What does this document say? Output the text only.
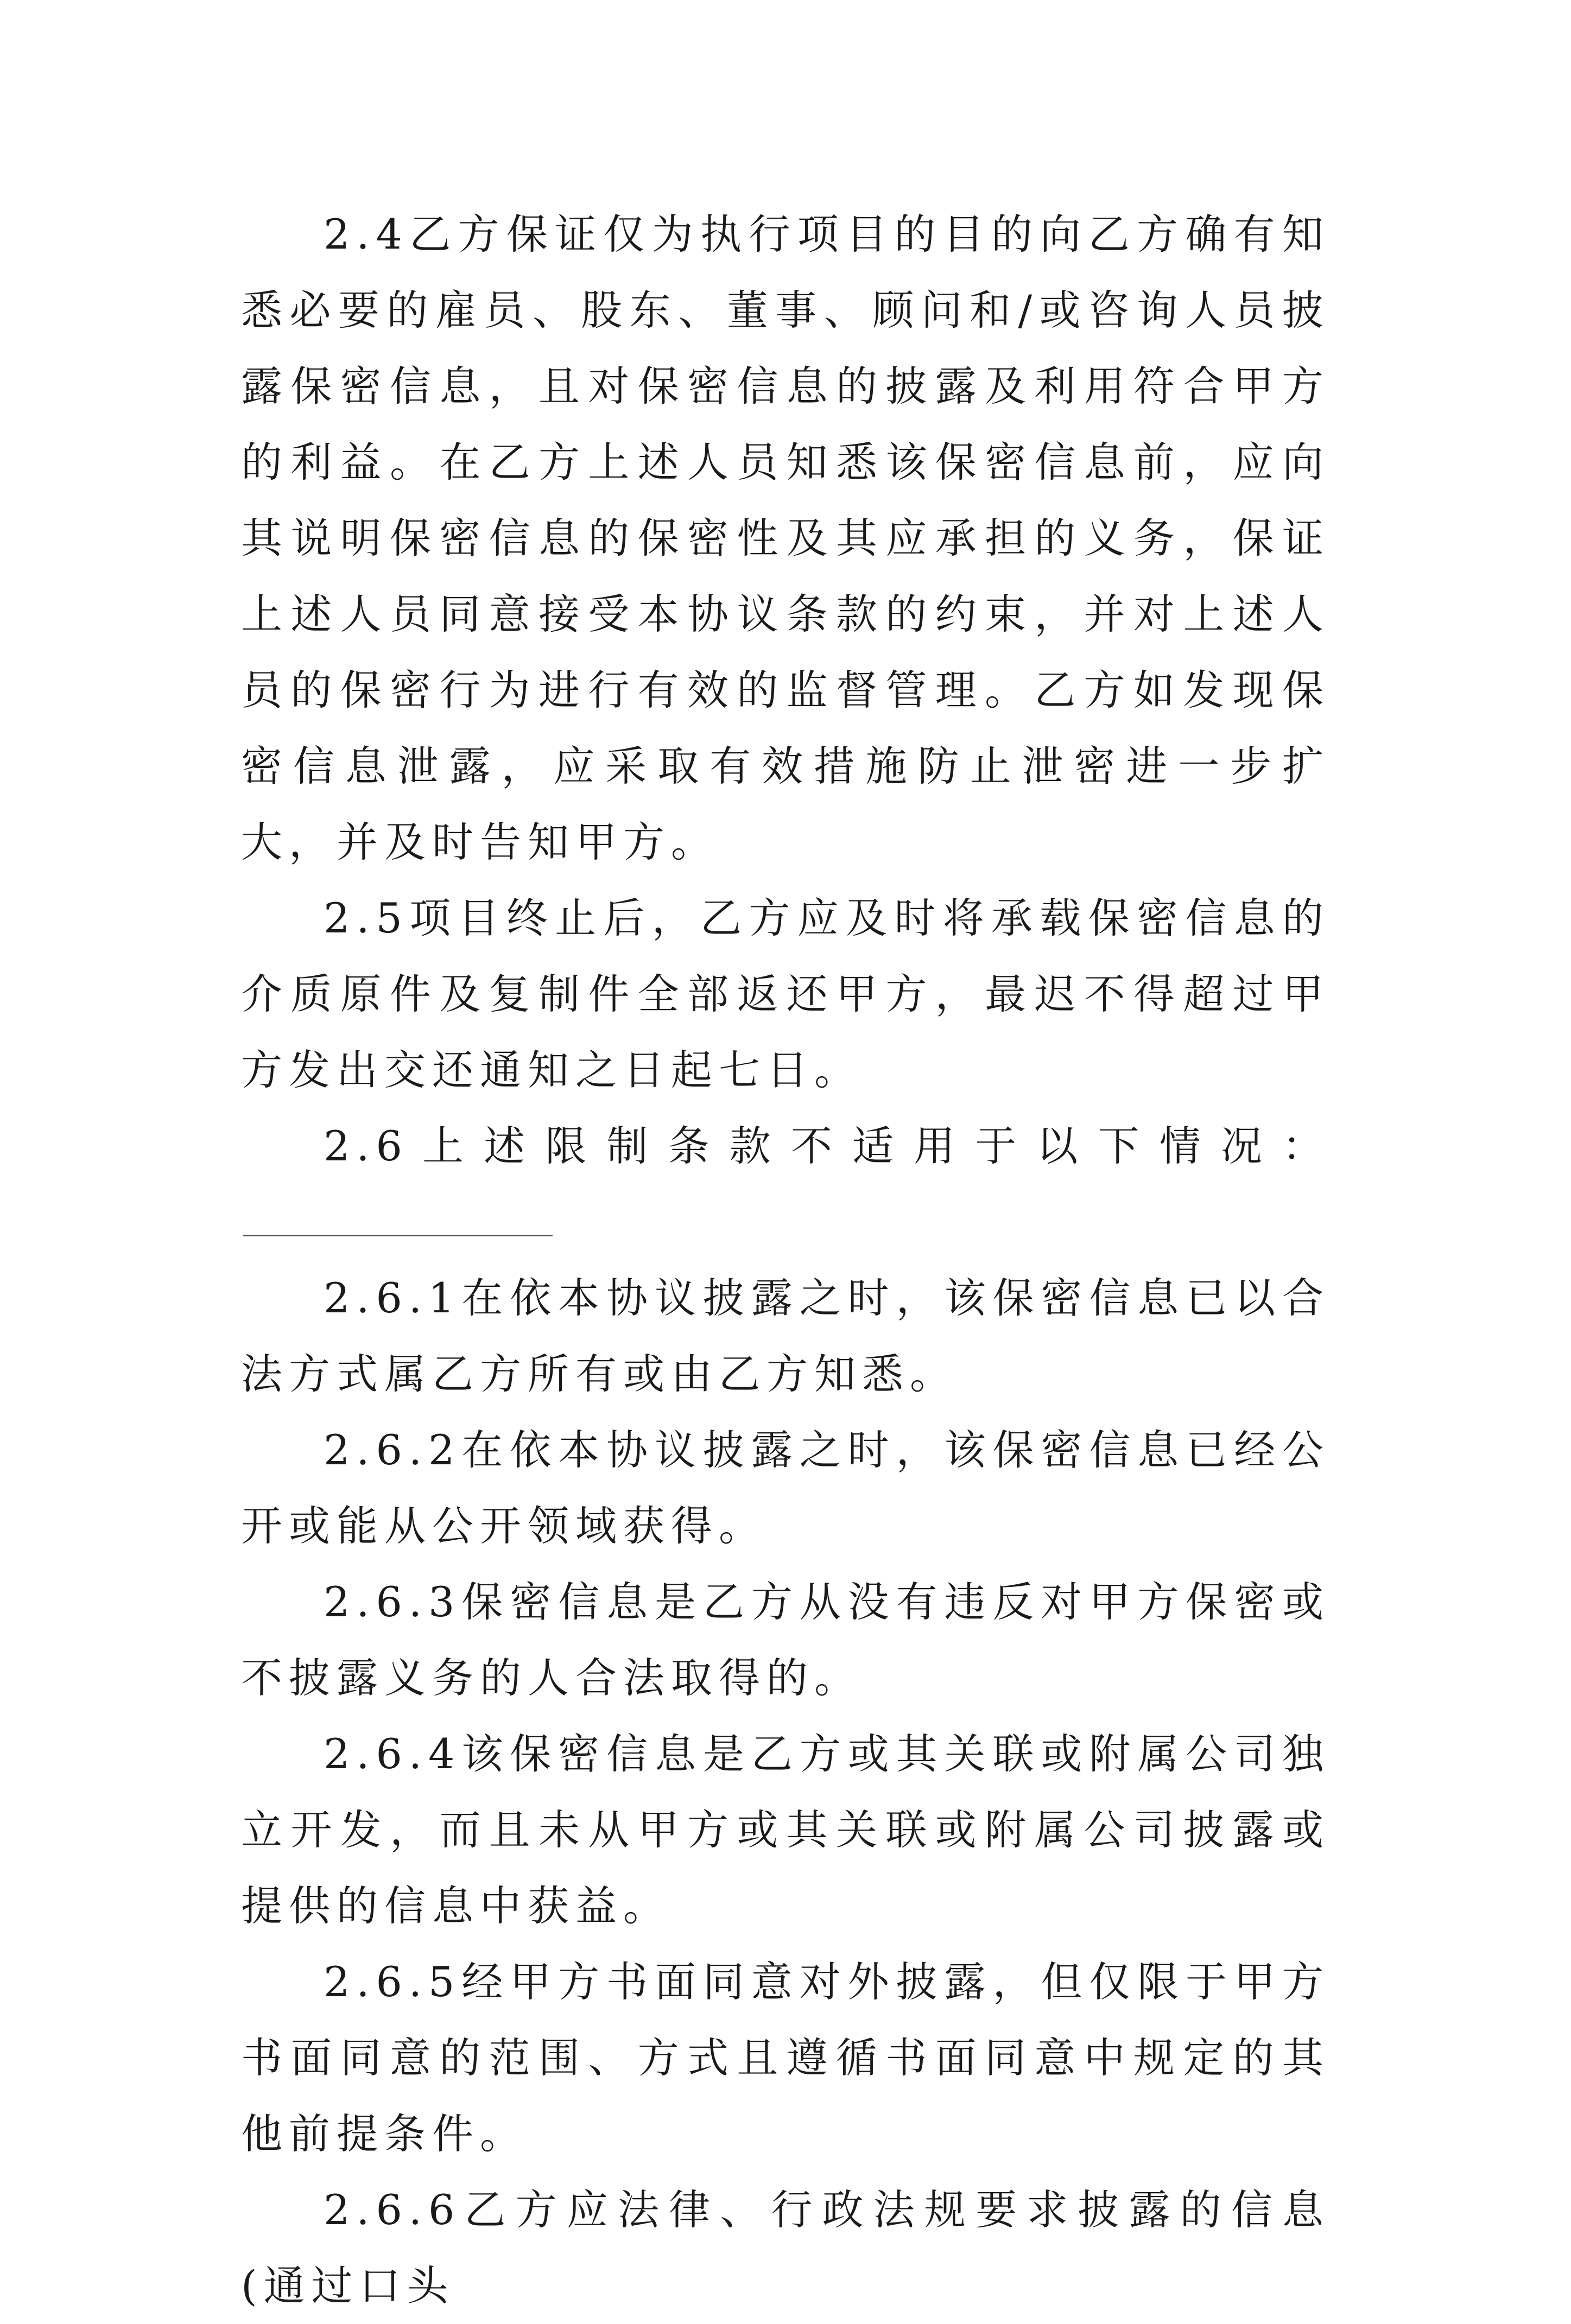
2.4乙方保证仅为执行项目的目的向乙方确有知悉必要的雇员、股东、董事、顾问和/或咨询人员披露保密信息，且对保密信息的披露及利用符合甲方的利益。在乙方上述人员知悉该保密信息前，应向其说明保密信息的保密性及其应承担的义务，保证上述人员同意接受本协议条款的约束，并对上述人员的保密行为进行有效的监督管理。乙方如发现保密信息泄露，应采取有效措施防止泄密进一步扩大，并及时告知甲方。

2.5项目终止后，乙方应及时将承载保密信息的介质原件及复制件全部返还甲方，最迟不得超过甲方发出交还通知之日起七日。

2.6上述限制条款不适用于以下情况：

2.6.1在依本协议披露之时，该保密信息已以合法方式属乙方所有或由乙方知悉。

2.6.2在依本协议披露之时，该保密信息已经公开或能从公开领域获得。

2.6.3保密信息是乙方从没有违反对甲方保密或不披露义务的人合法取得的。

2.6.4该保密信息是乙方或其关联或附属公司独立开发，而且未从甲方或其关联或附属公司披露或提供的信息中获益。

2.6.5经甲方书面同意对外披露，但仅限于甲方书面同意的范围、方式且遵循书面同意中规定的其他前提条件。

2.6.6乙方应法律、行政法规要求披露的信息(通过口头
